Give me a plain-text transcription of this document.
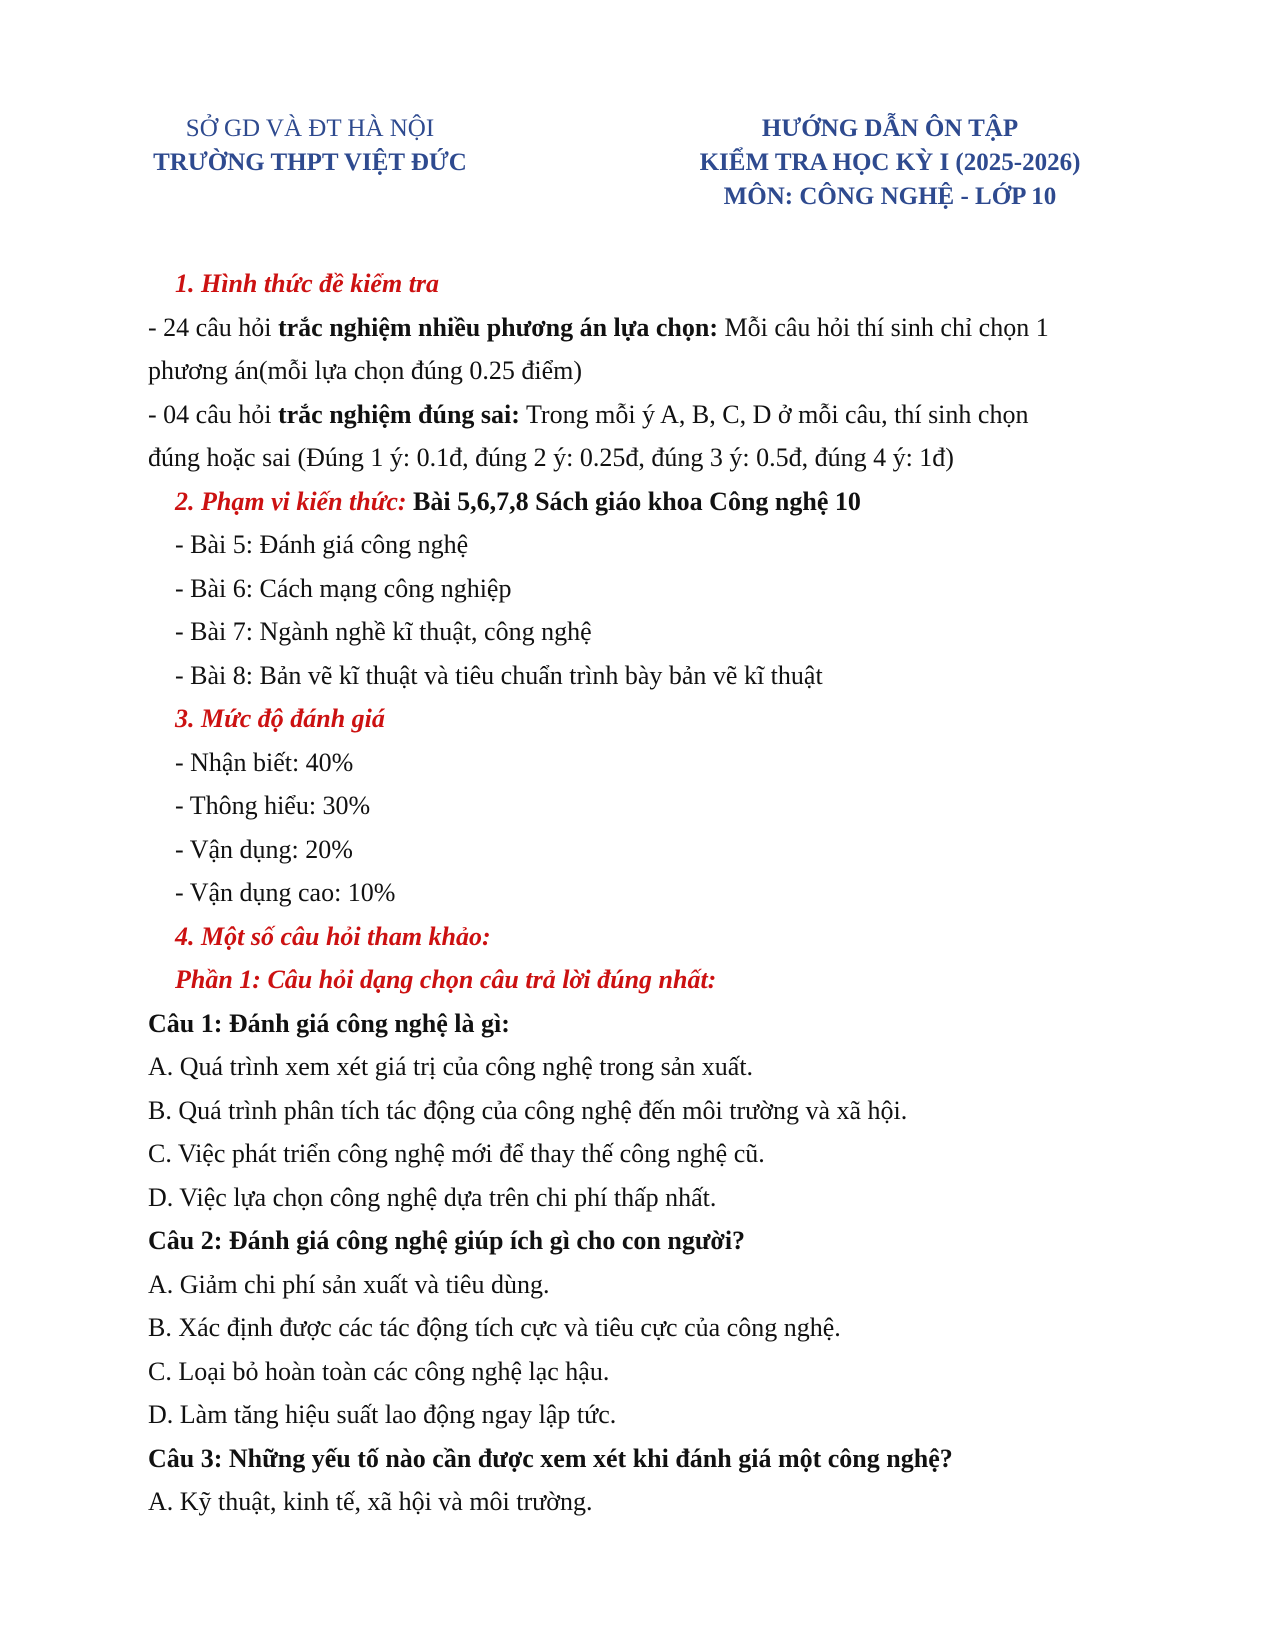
SỞ GD VÀ ĐT HÀ NỘI
TRƯỜNG THPT VIỆT ĐỨC
HƯỚNG DẪN ÔN TẬP
KIỂM TRA HỌC KỲ I (2025-2026)
MÔN: CÔNG NGHỆ - LỚP 10
1. Hình thức đề kiểm tra
- 24 câu hỏi trắc nghiệm nhiều phương án lựa chọn: Mỗi câu hỏi thí sinh chỉ chọn 1
phương án(mỗi lựa chọn đúng 0.25 điểm)
- 04 câu hỏi trắc nghiệm đúng sai: Trong mỗi ý A, B, C, D ở mỗi câu, thí sinh chọn
đúng hoặc sai (Đúng 1 ý: 0.1đ, đúng 2 ý: 0.25đ, đúng 3 ý: 0.5đ, đúng 4 ý: 1đ)
2. Phạm vi kiến thức: Bài 5,6,7,8 Sách giáo khoa Công nghệ 10
- Bài 5: Đánh giá công nghệ
- Bài 6: Cách mạng công nghiệp
- Bài 7: Ngành nghề kĩ thuật, công nghệ
- Bài 8: Bản vẽ kĩ thuật và tiêu chuẩn trình bày bản vẽ kĩ thuật
3. Mức độ đánh giá
- Nhận biết: 40%
- Thông hiểu: 30%
- Vận dụng: 20%
- Vận dụng cao: 10%
4. Một số câu hỏi tham khảo:
Phần 1: Câu hỏi dạng chọn câu trả lời đúng nhất:
Câu 1: Đánh giá công nghệ là gì:
A. Quá trình xem xét giá trị của công nghệ trong sản xuất.
B. Quá trình phân tích tác động của công nghệ đến môi trường và xã hội.
C. Việc phát triển công nghệ mới để thay thế công nghệ cũ.
D. Việc lựa chọn công nghệ dựa trên chi phí thấp nhất.
Câu 2: Đánh giá công nghệ giúp ích gì cho con người?
A. Giảm chi phí sản xuất và tiêu dùng.
B. Xác định được các tác động tích cực và tiêu cực của công nghệ.
C. Loại bỏ hoàn toàn các công nghệ lạc hậu.
D. Làm tăng hiệu suất lao động ngay lập tức.
Câu 3: Những yếu tố nào cần được xem xét khi đánh giá một công nghệ?
A. Kỹ thuật, kinh tế, xã hội và môi trường.
